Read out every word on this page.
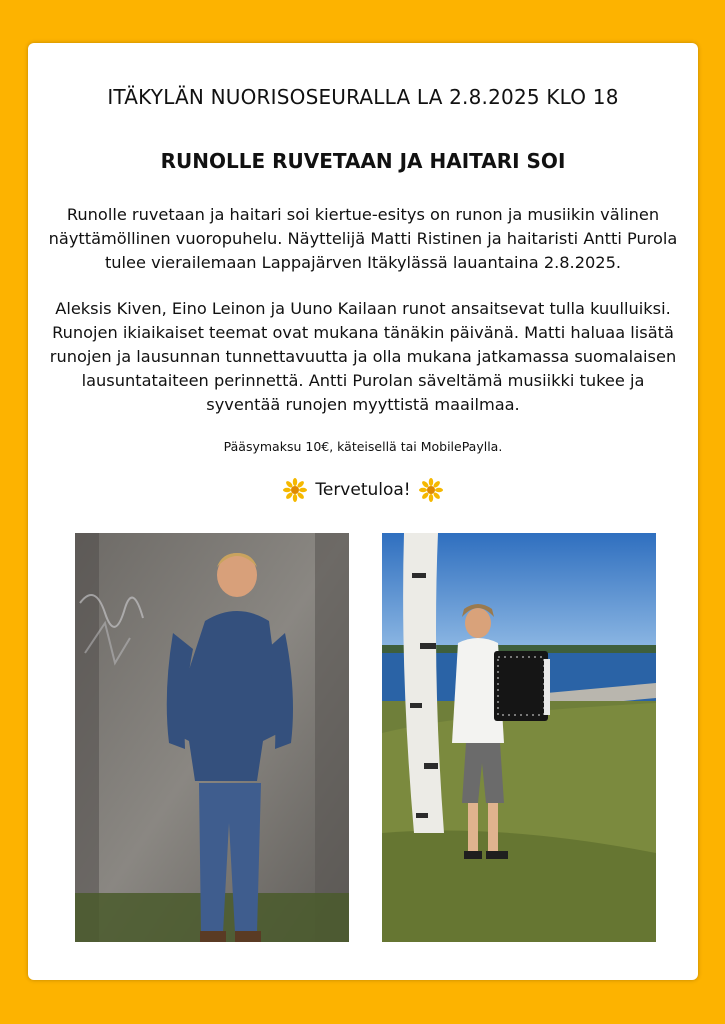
ITÄKYLÄN NUORISOSEURALLA LA 2.8.2025 KLO 18

RUNOLLE RUVETAAN JA HAITARI SOI

Runolle ruvetaan ja haitari soi kiertue-esitys on runon ja musiikin välinen näyttämöllinen vuoropuhelu. Näyttelijä Matti Ristinen ja haitaristi Antti Purola tulee vierailemaan Lappajärven Itäkylässä lauantaina 2.8.2025.

Aleksis Kiven, Eino Leinon ja Uuno Kailaan runot ansaitsevat tulla kuulluiksi. Runojen ikiaikaiset teemat ovat mukana tänäkin päivänä. Matti haluaa lisätä runojen ja lausunnan tunnettavuutta ja olla mukana jatkamassa suomalaisen lausuntataiteen perinnettä. Antti Purolan säveltämä musiikki tukee ja syventää runojen myyttistä maailmaa.

Pääsymaksu 10€, käteisellä tai MobilePaylla.

Tervetuloa!
